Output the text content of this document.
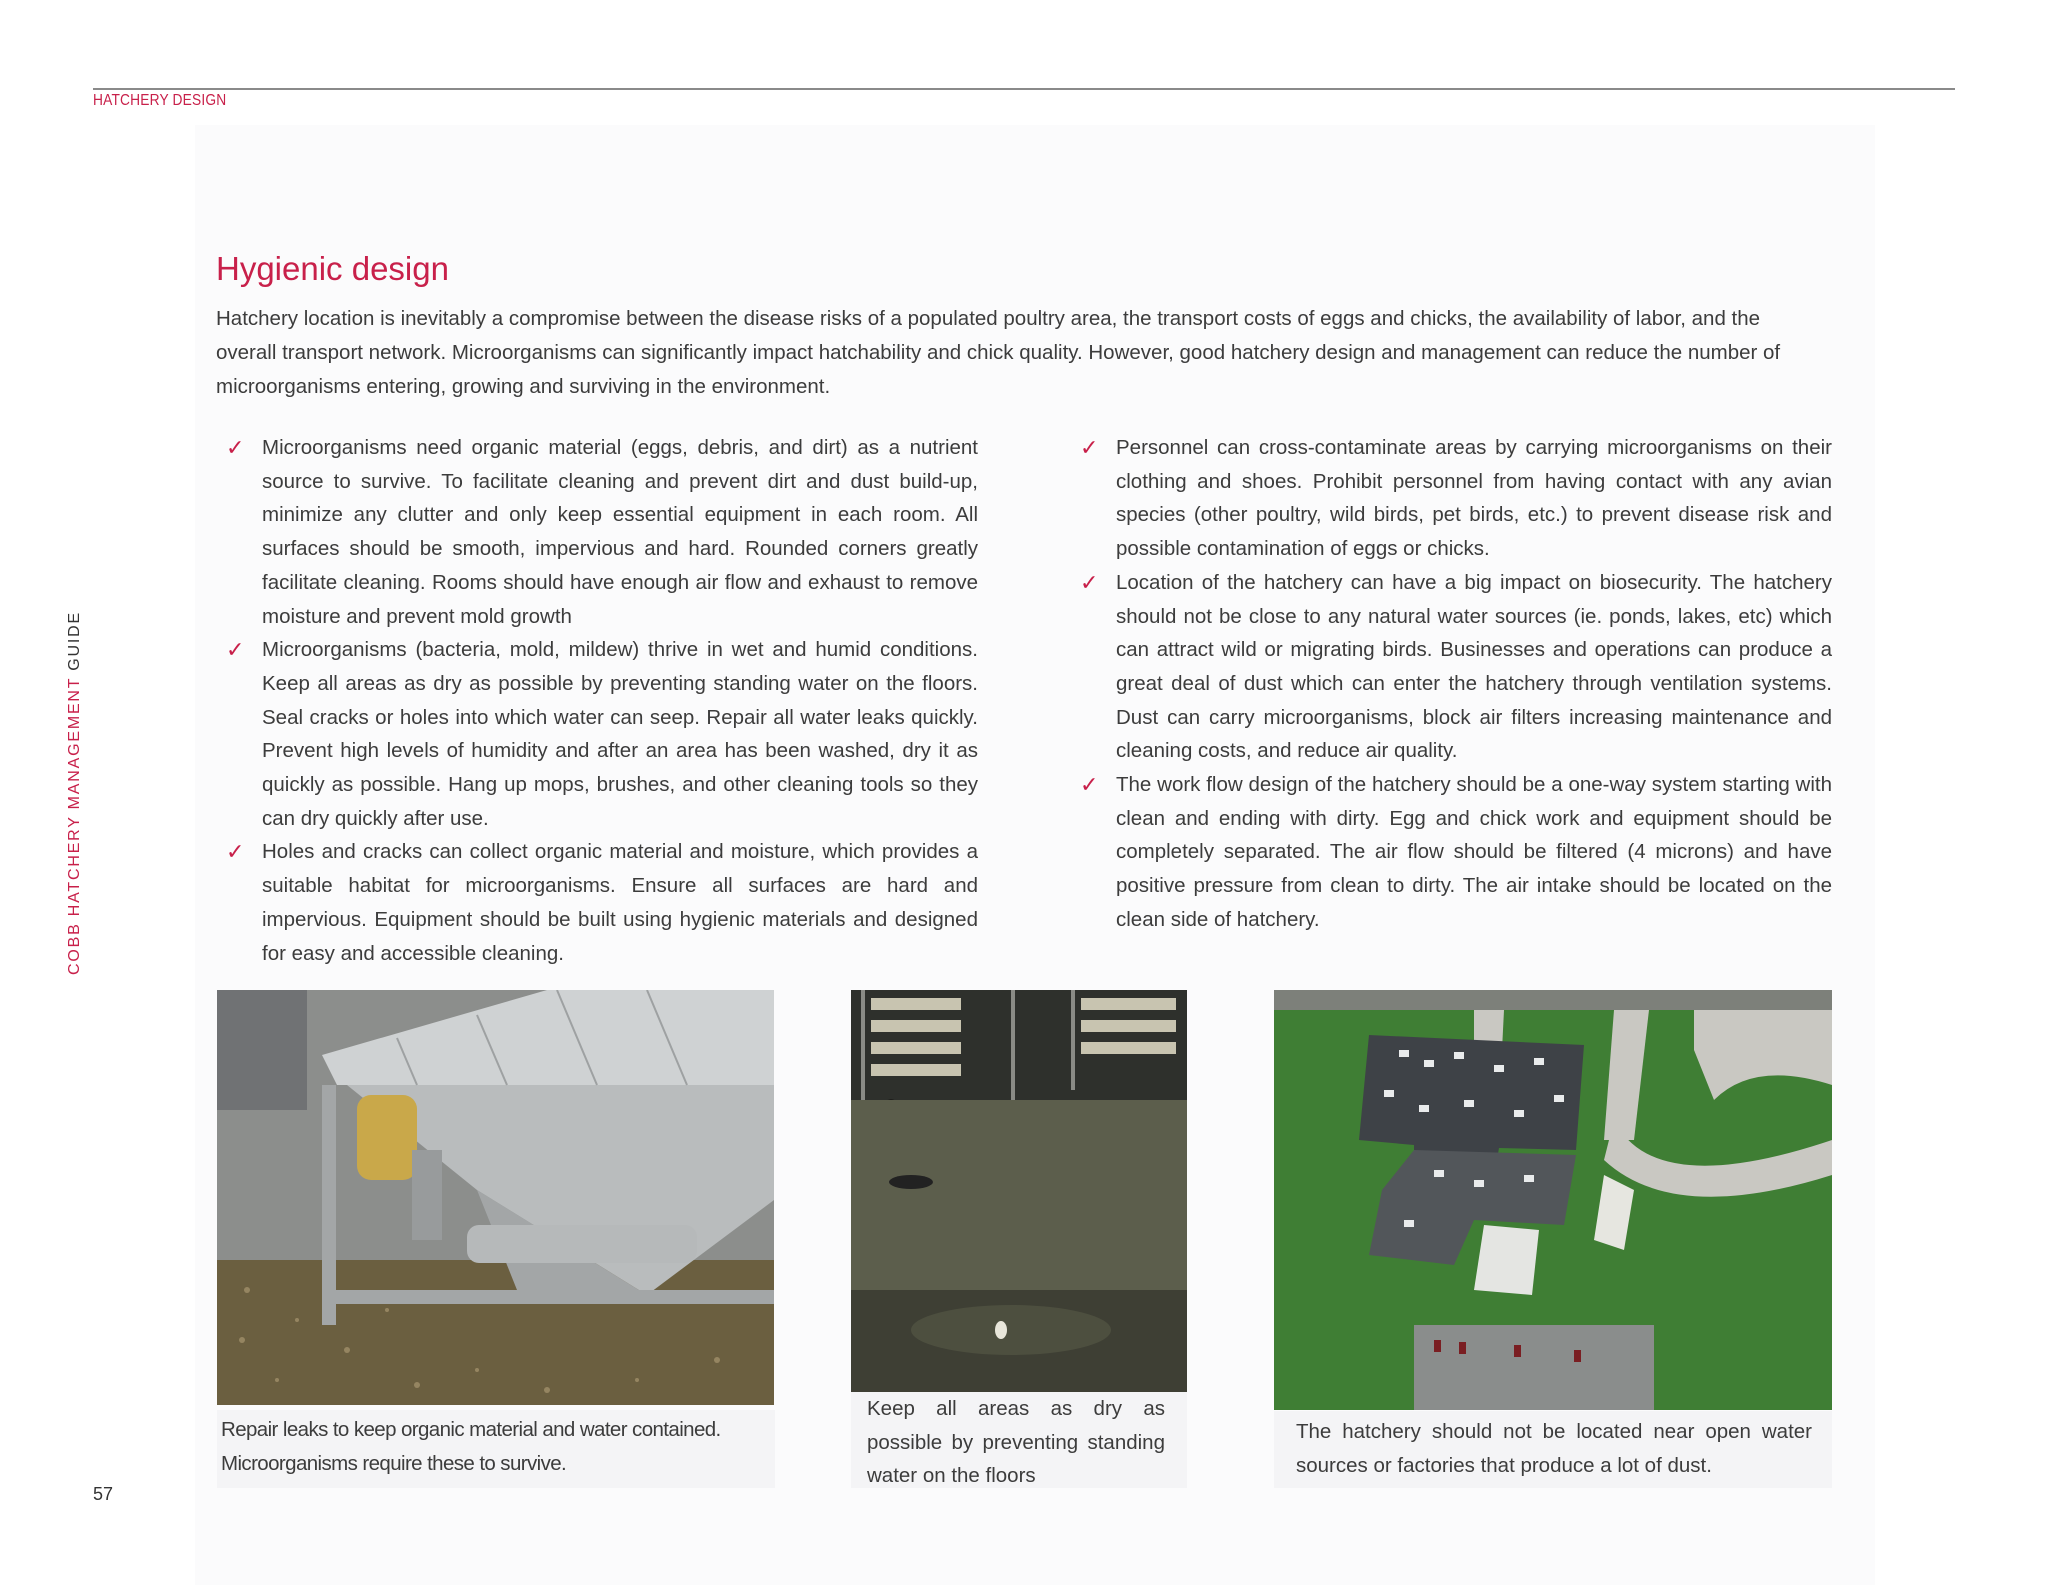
HATCHERY DESIGN
COBB HATCHERY MANAGEMENT GUIDE
57
Hygienic design

Hatchery location is inevitably a compromise between the disease risks of a populated poultry area, the transport costs of eggs and chicks, the availability of labor, and the overall transport network. Microorganisms can significantly impact hatchability and chick quality. However, good hatchery design and management can reduce the number of microorganisms entering, growing and surviving in the environment.

✓ Microorganisms need organic material (eggs, debris, and dirt) as a nutrient source to survive. To facilitate cleaning and prevent dirt and dust build-up, minimize any clutter and only keep essential equipment in each room. All surfaces should be smooth, impervious and hard. Rounded corners greatly facilitate cleaning. Rooms should have enough air flow and exhaust to remove moisture and prevent mold growth
✓ Microorganisms (bacteria, mold, mildew) thrive in wet and humid conditions. Keep all areas as dry as possible by preventing standing water on the floors. Seal cracks or holes into which water can seep. Repair all water leaks quickly. Prevent high levels of humidity and after an area has been washed, dry it as quickly as possible. Hang up mops, brushes, and other cleaning tools so they can dry quickly after use.
✓ Holes and cracks can collect organic material and moisture, which provides a suitable habitat for microorganisms. Ensure all surfaces are hard and impervious. Equipment should be built using hygienic materials and designed for easy and accessible cleaning.
✓ Personnel can cross-contaminate areas by carrying microorganisms on their clothing and shoes. Prohibit personnel from having contact with any avian species (other poultry, wild birds, pet birds, etc.) to prevent disease risk and possible contamination of eggs or chicks.
✓ Location of the hatchery can have a big impact on biosecurity. The hatchery should not be close to any natural water sources (ie. ponds, lakes, etc) which can attract wild or migrating birds. Businesses and operations can produce a great deal of dust which can enter the hatchery through ventilation systems. Dust can carry microorganisms, block air filters increasing maintenance and cleaning costs, and reduce air quality.
✓ The work flow design of the hatchery should be a one-way system starting with clean and ending with dirty. Egg and chick work and equipment should be completely separated. The air flow should be filtered (4 microns) and have positive pressure from clean to dirty. The air intake should be located on the clean side of hatchery.
Repair leaks to keep organic material and water contained. Microorganisms require these to survive.
Keep all areas as dry as possible by preventing standing water on the floors
The hatchery should not be located near open water sources or factories that produce a lot of dust.
